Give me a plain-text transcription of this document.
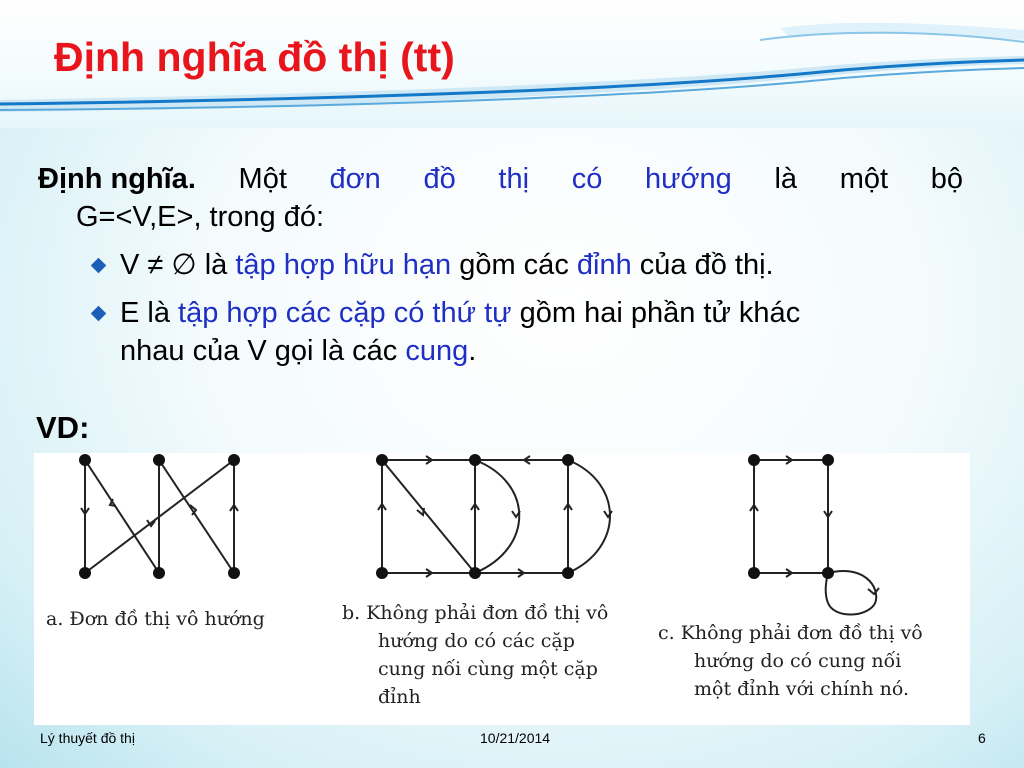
Định nghĩa đồ thị (tt)

Định nghĩa. Một đơn đồ thị có hướng là một bộ

G=<V,E>, trong đó:

V ≠ ∅ là tập hợp hữu hạn gồm các đỉnh của đồ thị.
E là tập hợp các cặp có thứ tự gồm hai phần tử khác
nhau của V gọi là các cung.

VD:

a. Đơn đồ thị vô hướng	b. Không phải đơn đồ thị vô
hướng do có các cặp
cung nối cùng một cặp
đỉnh
c. Không phải đơn đồ thị vô
hướng do có cung nối
một đỉnh với chính nó.
Lý thuyết đồ thị	10/21/2014	6
